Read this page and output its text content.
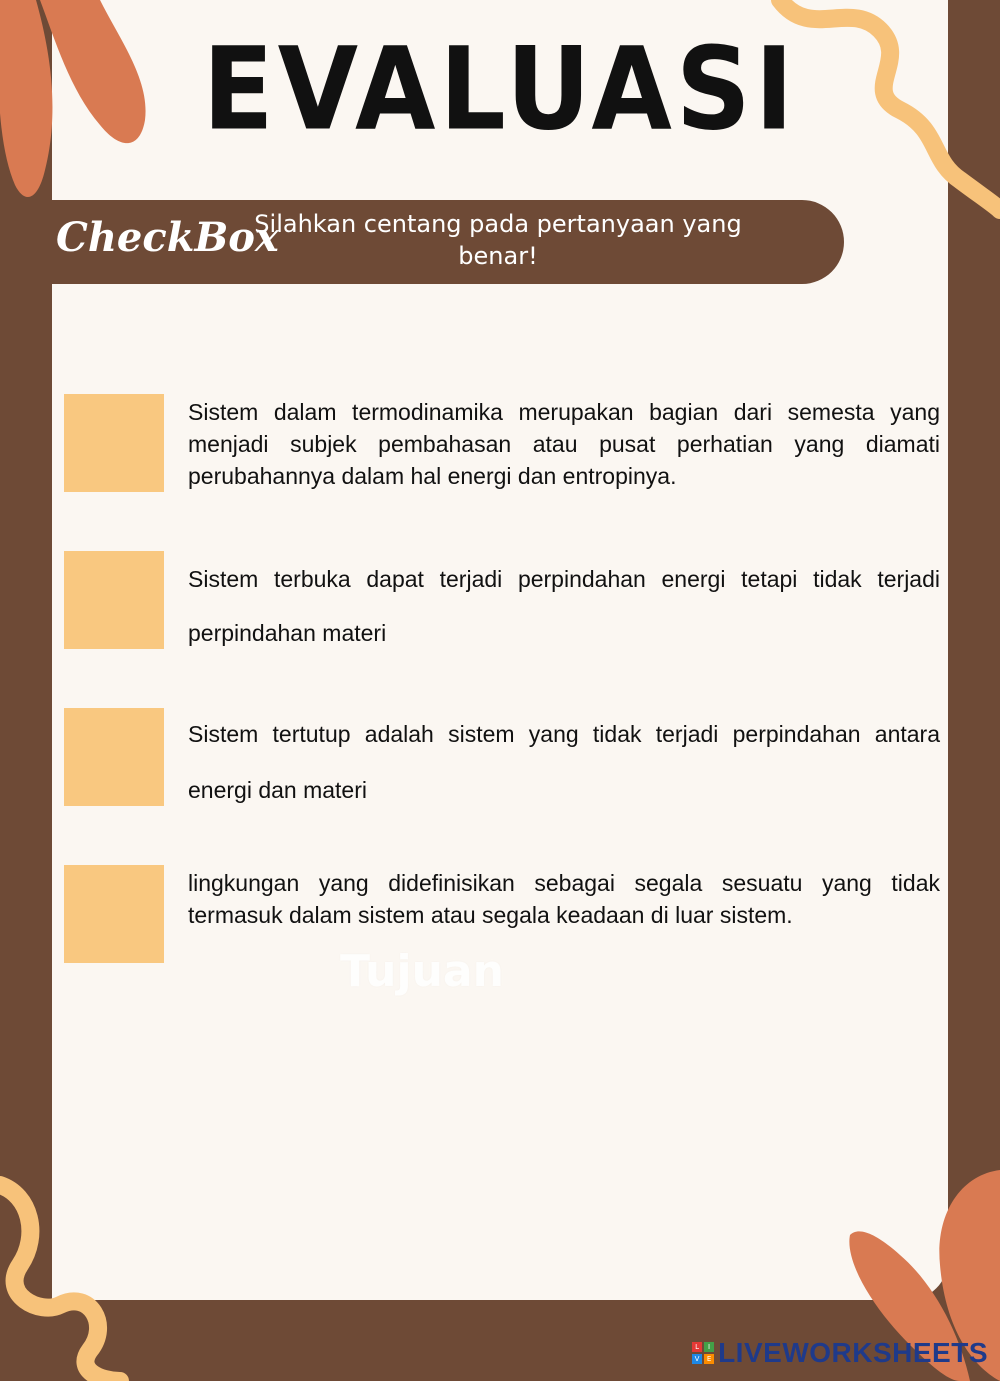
EVALUASI
CheckBox
Silahkan centang pada pertanyaan yang benar!
Sistem dalam termodinamika merupakan bagian dari semesta yang menjadi subjek pembahasan atau pusat perhatian yang diamati perubahannya dalam hal energi dan entropinya.
Sistem terbuka dapat terjadi perpindahan energi tetapi tidak terjadi perpindahan materi
Sistem tertutup adalah sistem yang tidak terjadi perpindahan antara energi dan materi
lingkungan yang didefinisikan sebagai segala sesuatu yang tidak termasuk dalam sistem atau segala keadaan di luar sistem.
Tujuan
L	I
V	E LIVEWORKSHEETS
